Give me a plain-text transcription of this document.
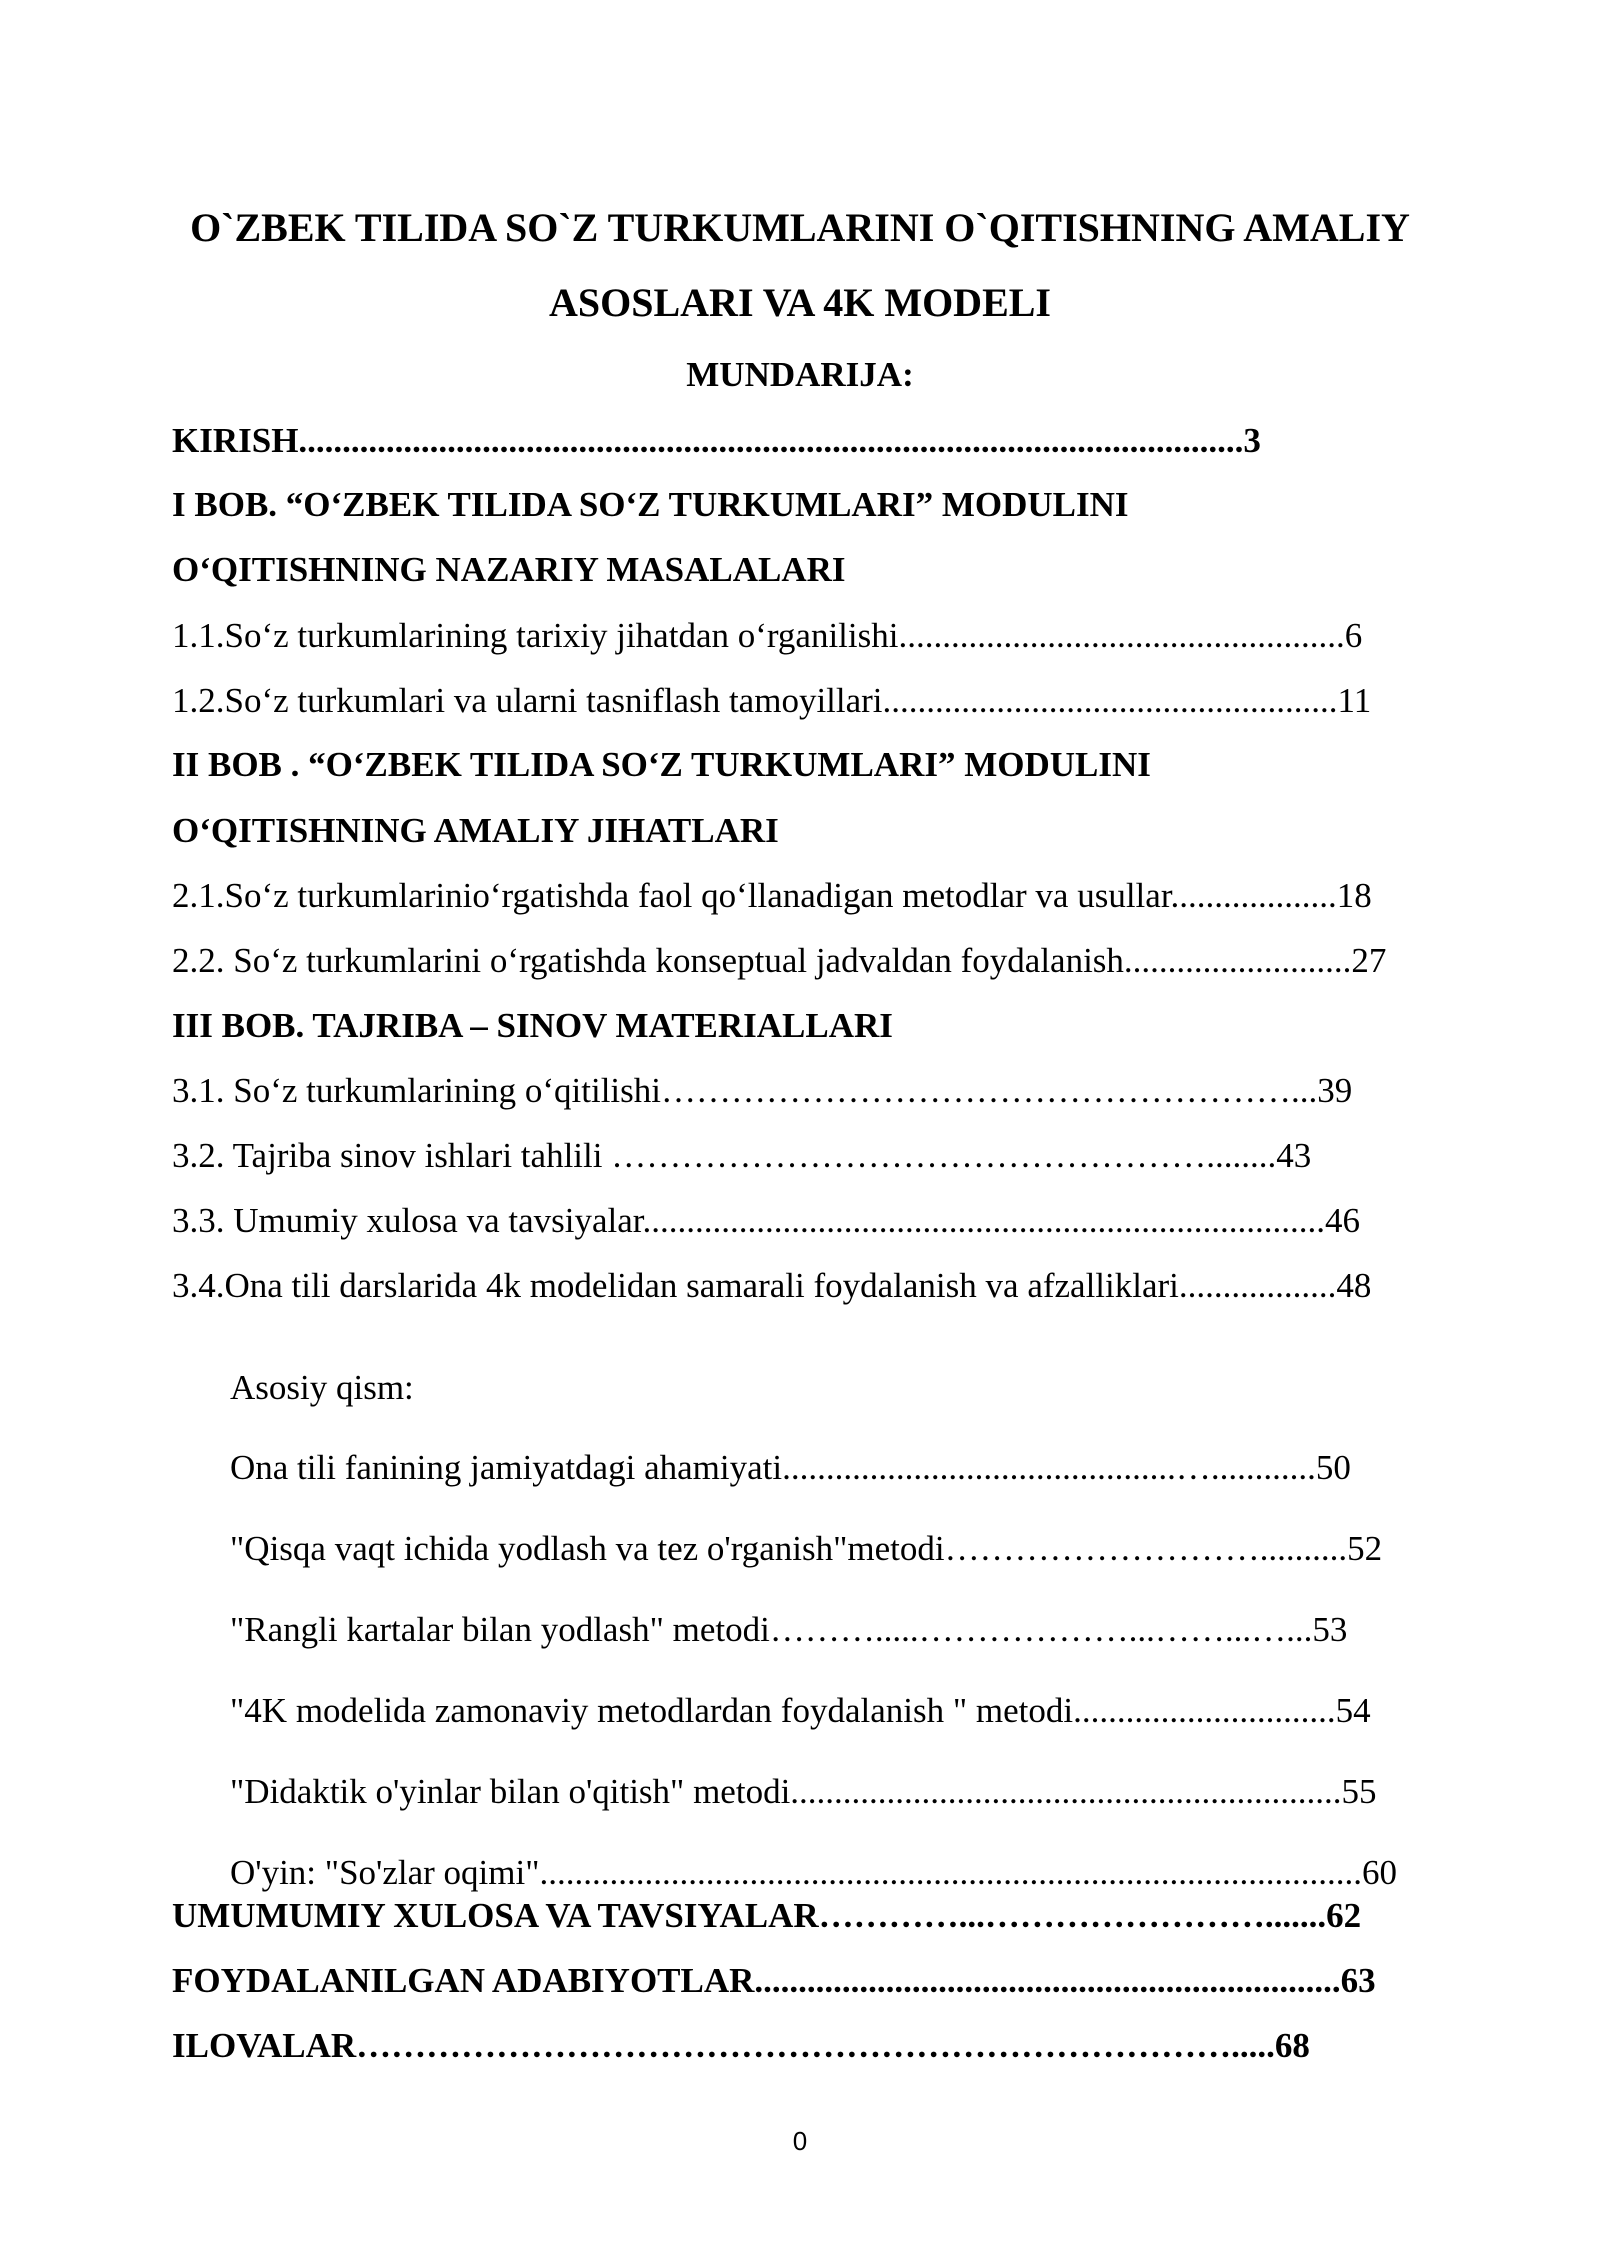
O`ZBEK TILIDA SO`Z TURKUMLARINI O`QITISHNING AMALIY
ASOSLARI VA 4K MODELI
MUNDARIJA:
KIRISH............................................................................................................3
I BOB. “O‘ZBEK TILIDA SO‘Z TURKUMLARI” MODULINI
O‘QITISHNING NAZARIY MASALALARI
1.1.So‘z turkumlarining tarixiy jihatdan o‘rganilishi...................................................6
1.2.So‘z turkumlari va ularni tasniflash tamoyillari....................................................11
II BOB . “O‘ZBEK TILIDA SO‘Z TURKUMLARI” MODULINI
O‘QITISHNING AMALIY JIHATLARI
2.1.So‘z turkumlarinio‘rgatishda faol qo‘llanadigan metodlar va usullar...................18
2.2. So‘z turkumlarini o‘rgatishda konseptual jadvaldan foydalanish..........................27
III BOB. TAJRIBA – SINOV MATERIALLARI
3.1. So‘z turkumlarining o‘qitilishi………………………………………………...39
3.2. Tajriba sinov ishlari tahlili ……………………………………………........43
3.3. Umumiy xulosa va tavsiyalar..............................................................................46
3.4.Ona tili darslarida 4k modelidan samarali foydalanish va afzalliklari..................48
Asosiy qism:
Ona tili fanining jamiyatdagi ahamiyati.............................................…............50
"Qisqa vaqt ichida yodlash va tez o'rganish"metodi………………………..........52
"Rangli kartalar bilan yodlash" metodi……….....………………...……...…...53
"4K modelida zamonaviy metodlardan foydalanish " metodi..............................54
"Didaktik o'yinlar bilan o'qitish" metodi...............................................................55
O'yin: "So'zlar oqimi"..............................................................................................60
UMUMUMIY XULOSA VA TAVSIYALAR…………...…………………….......62
FOYDALANILGAN ADABIYOTLAR...................................................................63
ILOVALAR………………………………………………………………….....68
0
